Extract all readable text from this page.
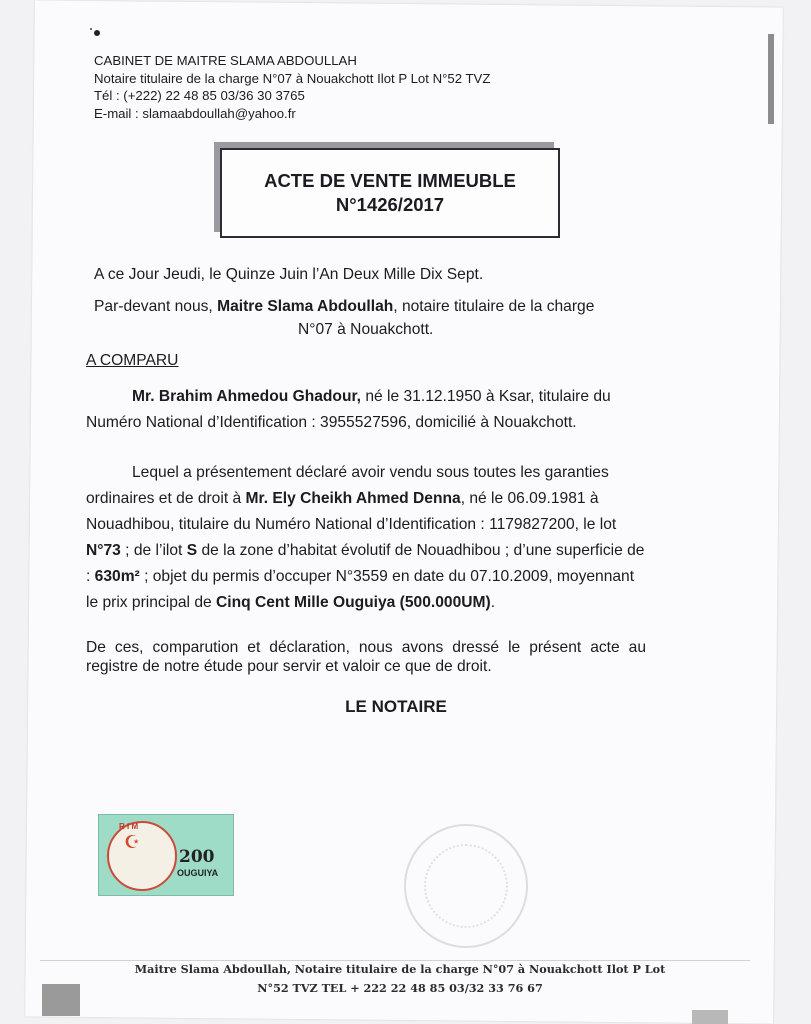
CABINET DE MAITRE SLAMA ABDOULLAH
Notaire titulaire de la charge N°07 à Nouakchott Ilot P Lot N°52 TVZ
Tél : (+222) 22 48 85 03/36 30 3765
E-mail : slamaabdoullah@yahoo.fr
ACTE DE VENTE IMMEUBLE
N°1426/2017

A ce Jour Jeudi, le Quinze Juin l’An Deux Mille Dix Sept.

Par-devant nous, Maitre Slama Abdoullah, notaire titulaire de la charge
N°07 à Nouakchott.
A COMPARU

Mr. Brahim Ahmedou Ghadour, né le 31.12.1950 à Ksar, titulaire du Numéro National d’Identification : 3955527596, domicilié à Nouakchott.

Lequel a présentement déclaré avoir vendu sous toutes les garanties ordinaires et de droit à Mr. Ely Cheikh Ahmed Denna, né le 06.09.1981 à Nouadhibou, titulaire du Numéro National d’Identification : 1179827200, le lot N°73 ; de l’ilot S de la zone d’habitat évolutif de Nouadhibou ; d’une superficie de : 630m² ; objet du permis d’occuper N°3559 en date du 07.10.2009, moyennant le prix principal de Cinq Cent Mille Ouguiya (500.000UM).

De ces, comparution et déclaration, nous avons dressé le présent acte au registre de notre étude pour servir et valoir ce que de droit.

LE NOTAIRE
R I M
☪
200
OUGUIYA
Maitre Slama Abdoullah, Notaire titulaire de la charge N°07 à Nouakchott Ilot P Lot
N°52 TVZ TEL + 222 22 48 85 03/32 33 76 67
